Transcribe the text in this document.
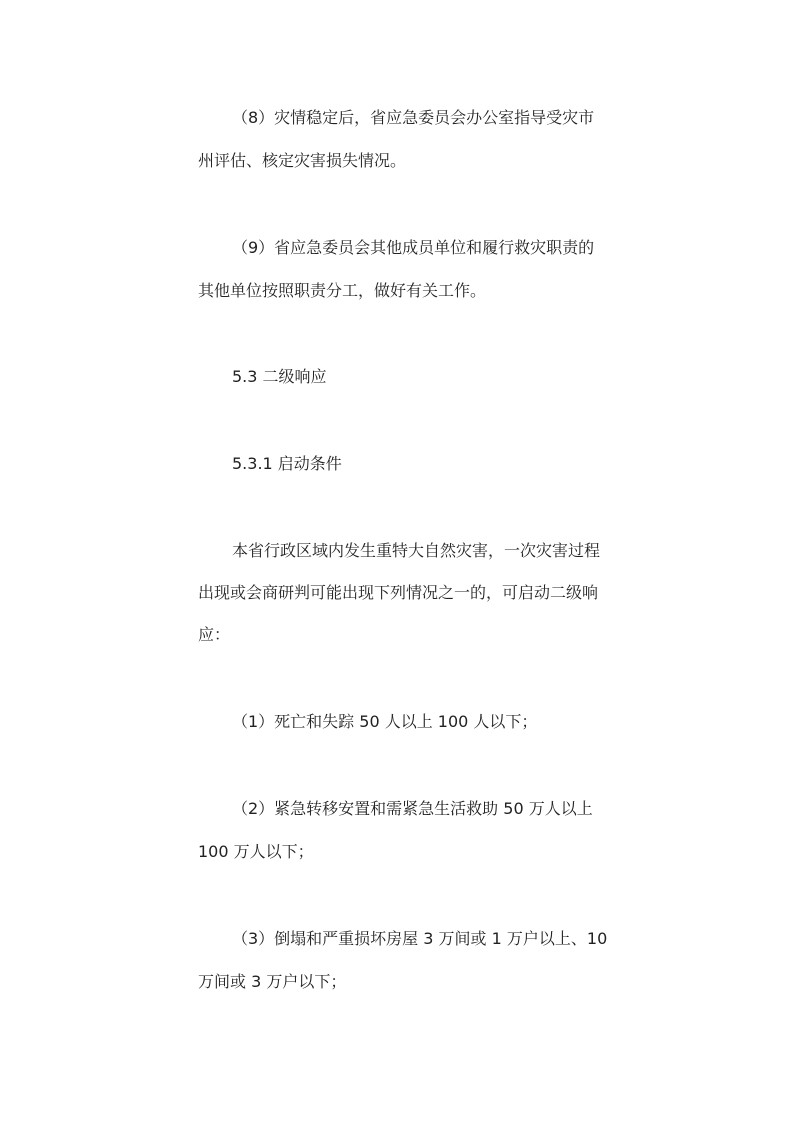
（8）灾情稳定后，省应急委员会办公室指导受灾市
州评估、核定灾害损失情况。
（9）省应急委员会其他成员单位和履行救灾职责的
其他单位按照职责分工，做好有关工作。
5.3 二级响应
5.3.1 启动条件
本省行政区域内发生重特大自然灾害，一次灾害过程
出现或会商研判可能出现下列情况之一的，可启动二级响
应：
（1）死亡和失踪 50 人以上 100 人以下；
（2）紧急转移安置和需紧急生活救助 50 万人以上
100 万人以下；
（3）倒塌和严重损坏房屋 3 万间或 1 万户以上、10
万间或 3 万户以下；
